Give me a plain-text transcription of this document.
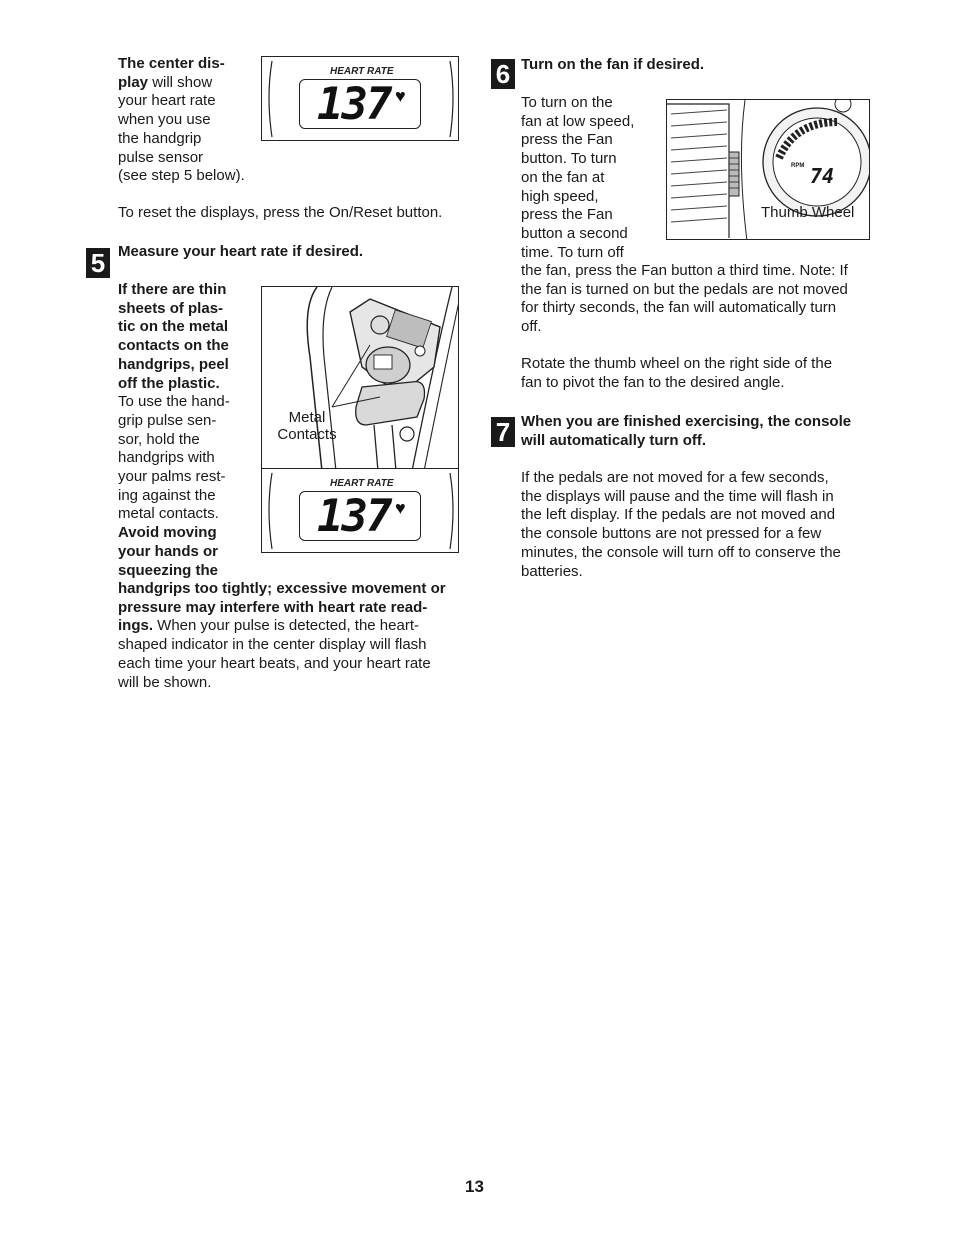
The center dis-
play will show
your heart rate
when you use
the handgrip
pulse sensor
(see step 5 below).
HEART RATE
137 ♥
To reset the displays, press the On/Reset button.
5 Measure your heart rate if desired.
If there are thin
sheets of plas-
tic on the metal
contacts on the
handgrips, peel
off the plastic.
To use the hand-
grip pulse sen-
sor, hold the
handgrips with
your palms rest-
ing against the
metal contacts.
Avoid moving
your hands or
squeezing the
handgrips too tightly; excessive movement or
pressure may interfere with heart rate read-
ings. When your pulse is detected, the heart-
shaped indicator in the center display will flash
each time your heart beats, and your heart rate
will be shown.
Metal
Contacts
HEART RATE
137 ♥
6 Turn on the fan if desired.
To turn on the
fan at low speed,
press the Fan
button. To turn
on the fan at
high speed,
press the Fan
button a second
time. To turn off
the fan, press the Fan button a third time. Note: If
the fan is turned on but the pedals are not moved
for thirty seconds, the fan will automatically turn
off.
Rotate the thumb wheel on the right side of the
fan to pivot the fan to the desired angle.
RPM 74
Thumb Wheel
7 When you are finished exercising, the console
will automatically turn off.
If the pedals are not moved for a few seconds,
the displays will pause and the time will flash in
the left display. If the pedals are not moved and
the console buttons are not pressed for a few
minutes, the console will turn off to conserve the
batteries.
13
